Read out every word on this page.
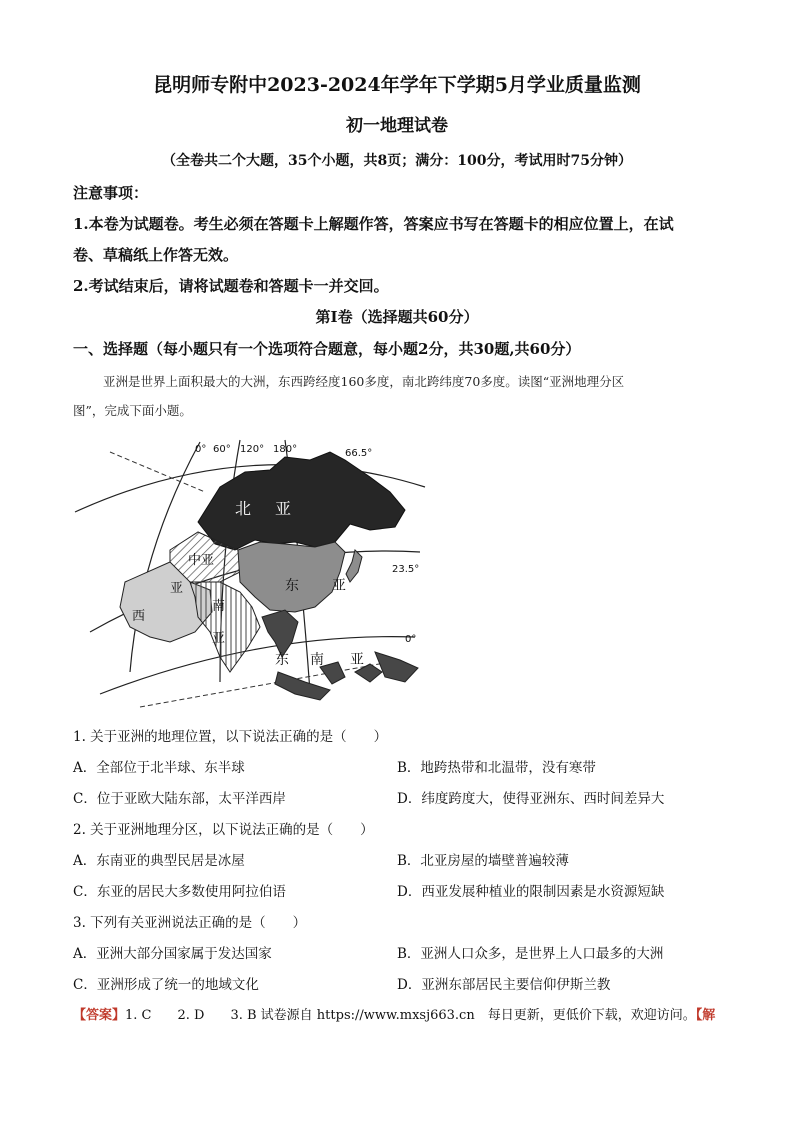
昆明师专附中2023-2024年学年下学期5月学业质量监测
初一地理试卷
（全卷共二个大题，35个小题，共8页；满分：100分，考试用时75分钟）
注意事项：
1.本卷为试题卷。考生必须在答题卡上解题作答，答案应书写在答题卡的相应位置上，在试
卷、草稿纸上作答无效。
2.考试结束后，请将试题卷和答题卡一并交回。
第Ⅰ卷（选择题共60分）
一、选择题（每小题只有一个选项符合题意，每小题2分，共30题,共60分）
亚洲是世界上面积最大的大洲，东西跨经度160多度，南北跨纬度70多度。读图“亚洲地理分区
图”，完成下面小题。
0° 60° 120° 180°	66.5°
23.5°
0°
北 亚
中亚
西
亚
南
亚
东 亚
东 南 亚
1. 关于亚洲的地理位置，以下说法正确的是（　　）
A．全部位于北半球、东半球	B．地跨热带和北温带，没有寒带
C．位于亚欧大陆东部，太平洋西岸	D．纬度跨度大，使得亚洲东、西时间差异大
2. 关于亚洲地理分区，以下说法正确的是（　　）
A．东南亚的典型民居是冰屋	B．北亚房屋的墙壁普遍较薄
C．东亚的居民大多数使用阿拉伯语	D．西亚发展种植业的限制因素是水资源短缺
3. 下列有关亚洲说法正确的是（　　）
A．亚洲大部分国家属于发达国家	B．亚洲人口众多，是世界上人口最多的大洲
C．亚洲形成了统一的地域文化	D．亚洲东部居民主要信仰伊斯兰教
【答案】1. C　　2. D　　3. B 试卷源自 https://www.mxsj663.cn　每日更新，更低价下载，欢迎访问。【解
